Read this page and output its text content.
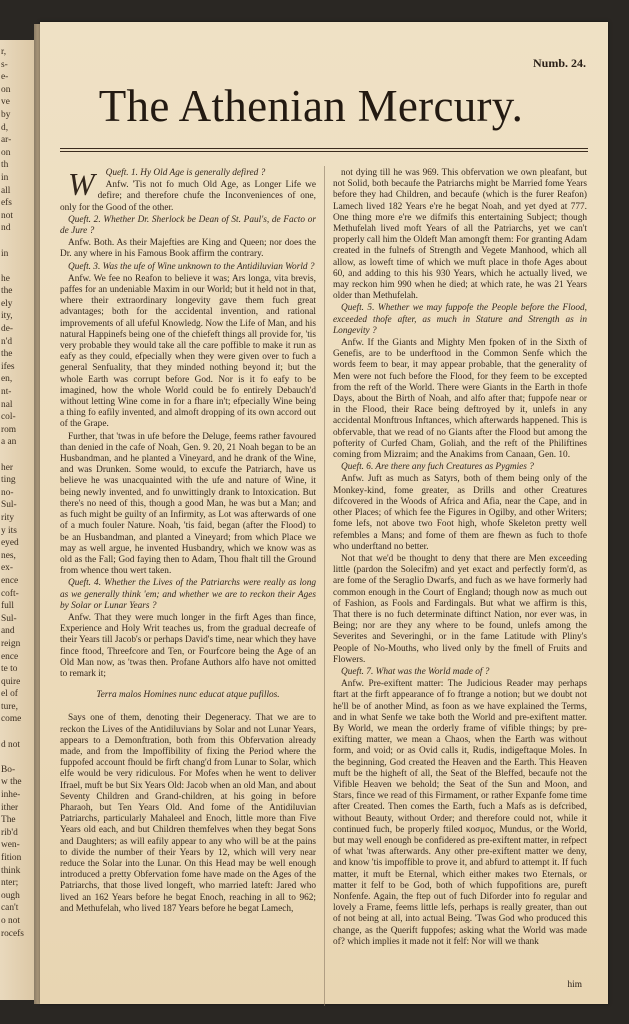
r,
s-
e-
on
ve
by
d,
ar-
on
th
in
all
efs
not
nd

in

he
the
ely
ity,
de-
n'd
the
ifes
en,
nt-
nal
col-
rom
a an

her
ting
no-
Sul-
rity
y its
eyed
nes,
ex-
ence
coft-
full
Sul-
and
reign
ence
te to
quire
el of
ture,
come

d not

Bo-
w the
inhe-
ither
The
rib'd
wen-
fition
think
nter;
ough
can't
o not
rocefs
Numb. 24.
The Athenian Mercury.

W Queft. 1. Hy Old Age is generally defired ?

Anfw. 'Tis not fo much Old Age, as Longer Life we defire; and therefore chufe the Inconveniences of one, only for the Good of the other.

Queft. 2. Whether Dr. Sherlock be Dean of St. Paul's, de Facto or de Jure ?

Anfw. Both. As their Majefties are King and Queen; nor does the Dr. any where in his Famous Book affirm the contrary.

Queft. 3. Was the ufe of Wine unknown to the Antidiluvian World ?

Anfw. We fee no Reafon to believe it was; Ars longa, vita brevis, paffes for an undeniable Maxim in our World; but it held not in that, where their extraordinary longevity gave them fuch great advantages; both for the accidental invention, and rational improvements of all ufeful Knowledg. Now the Life of Man, and his natural Happinefs being one of the chiefeft things all provide for, 'tis very probable they would take all the care poffible to make it run as eafy as they could, efpecially when they were given over to fuch a general Senfuality, that they minded nothing beyond it; but the whole Earth was corrupt before God. Nor is it fo eafy to be imagined, how the whole World could be fo entirely Debauch'd without letting Wine come in for a fhare in't; efpecially Wine being a thing fo eafily invented, and almoft dropping of its own accord out of the Grape.

Further, that 'twas in ufe before the Deluge, feems rather favoured than denied in the cafe of Noah, Gen. 9. 20, 21 Noah began to be an Husbandman, and he planted a Vineyard, and he drank of the Wine, and was Drunken. Some would, to excufe the Patriarch, have us believe he was unacquainted with the ufe and nature of Wine, it being newly invented, and fo unwittingly drank to Intoxication. But there's no need of this, though a good Man, he was but a Man; and as fuch might be guilty of an Infirmity, as Lot was afterwards of one of a much fouler Nature. Noah, 'tis faid, began (after the Flood) to be an Husbandman, and planted a Vineyard; from which Place we may as well argue, he invented Husbandry, which we know was as old as the Fall; God faying then to Adam, Thou fhalt till the Ground from whence thou wert taken.

Queft. 4. Whether the Lives of the Patriarchs were really as long as we generally think 'em; and whether we are to reckon their Ages by Solar or Lunar Years ?

Anfw. That they were much longer in the firft Ages than fince, Experience and Holy Writ teaches us, from the gradual decreafe of their Years till Jacob's or perhaps David's time, near which they have fince ftood, Threefcore and Ten, or Fourfcore being the Age of an Old Man now, as 'twas then. Profane Authors alfo have not omitted to remark it;

Terra malos Homines nunc educat atque pufillos.

Says one of them, denoting their Degeneracy. That we are to reckon the Lives of the Antidiluvians by Solar and not Lunar Years, appears to a Demonftration, both from this Obfervation already made, and from the Impoffibility of fixing the Period where the fuppofed account fhould be firft chang'd from Lunar to Solar, which elfe would be very ridiculous. For Mofes when he went to deliver Ifrael, muft be but Six Years Old: Jacob when an old Man, and about Seventy Children and Grand-children, at his going in before Pharaoh, but Ten Years Old. And fome of the Antidiluvian Patriarchs, particularly Mahaleel and Enoch, little more than Five Years old each, and but Children themfelves when they begat Sons and Daughters; as will eafily appear to any who will be at the pains to divide the number of their Years by 12, which will very near reduce the Solar into the Lunar. On this Head may be well enough introduced a pretty Obfervation fome have made on the Ages of the Patriarchs, that those lived longeft, who married lateft: Jared who lived an 162 Years before he begat Enoch, reaching in all to 962; and Methufelah, who lived 187 Years before he begat Lamech,

not dying till he was 969. This obfervation we own pleafant, but not Solid, both becaufe the Patriarchs might be Married fome Years before they had Children, and becaufe (which is the furer Reafon) Lamech lived 182 Years e're he begat Noah, and yet dyed at 777. One thing more e're we difmifs this entertaining Subject; though Methufelah lived moft Years of all the Patriarchs, yet we can't properly call him the Oldeft Man amongft them: For granting Adam created in the fulnefs of Strength and Vegete Manhood, which all allow, as loweft time of which we muft place in thofe Ages about 60, and adding to this his 930 Years, which he actually lived, we may reckon him 990 when he died; at which rate, he was 21 Years older than Methufelah.

Queft. 5. Whether we may fuppofe the People before the Flood, exceeded thofe after, as much in Stature and Strength as in Longevity ?

Anfw. If the Giants and Mighty Men fpoken of in the Sixth of Genefis, are to be underftood in the Common Senfe which the words feem to bear, it may appear probable, that the generality of Men were not fuch before the Flood, for they feem to be excepted from the reft of the World. There were Giants in the Earth in thofe Days, about the Birth of Noah, and alfo after that; fuppofe near or in the Flood, their Race being deftroyed by it, unlefs in any accidental Monftrous Inftances, which afterwards happened. This is obfervable, that we read of no Giants after the Flood but among the pofterity of Curfed Cham, Goliah, and the reft of the Philiftines coming from Mizraim; and the Anakims from Canaan, Gen. 10.

Queft. 6. Are there any fuch Creatures as Pygmies ?

Anfw. Juft as much as Satyrs, both of them being only of the Monkey-kind, fome greater, as Drills and other Creatures difcovered in the Woods of Africa and Afia, near the Cape, and in other Places; of which fee the Figures in Ogilby, and other Writers; fome lefs, not above two Foot high, whofe Skeleton pretty well refembles a Mans; and fome of them are fhewn as fuch to thofe who underftand no better.

Not that we'd be thought to deny that there are Men exceeding little (pardon the Solecifm) and yet exact and perfectly form'd, as are fome of the Seraglio Dwarfs, and fuch as we have formerly had common enough in the Court of England; though now as much out of Fashion, as Fools and Fardingals. But what we affirm is this, That there is no fuch determinate diftinct Nation, nor ever was, in Being; nor are they any where to be found, unlefs among the Severites and Severinghi, or in the fame Latitude with Pliny's People of No-Mouths, who lived only by the fmell of Fruits and Flowers.

Queft. 7. What was the World made of ?

Anfw. Pre-exiftent matter: The Judicious Reader may perhaps ftart at the firft appearance of fo ftrange a notion; but we doubt not he'll be of another Mind, as foon as we have explained the Terms, and in what Senfe we take both the World and pre-exiftent matter. By World, we mean the orderly frame of vifible things; by pre-exifting matter, we mean a Chaos, when the Earth was without form, and void; or as Ovid calls it, Rudis, indigeftaque Moles. In the beginning, God created the Heaven and the Earth. This Heaven muft be the higheft of all, the Seat of the Bleffed, becaufe not the Vifible Heaven we behold; the Seat of the Sun and Moon, and Stars, fince we read of this Firmament, or rather Expanfe fome time after Created. Then comes the Earth, fuch a Mafs as is defcribed, without Beauty, without Order; and therefore could not, while it continued fuch, be properly ftiled κοσμος, Mundus, or the World, but may well enough be confidered as pre-exiftent matter, in refpect of what 'twas afterwards. Any other pre-exiftent matter we deny, and know 'tis impoffible to prove it, and abfurd to attempt it. If fuch matter, it muft be Eternal, which either makes two Eternals, or matter it felf to be God, both of which fuppofitions are, pureft Nonfenfe. Again, the ftep out of fuch Diforder into fo regular and lovely a Frame, feems little lefs, perhaps is really greater, than out of not being at all, into actual Being. 'Twas God who produced this change, as the Querift fuppofes; asking what the World was made of? which implies it made not it felf: Nor will we thank

him
